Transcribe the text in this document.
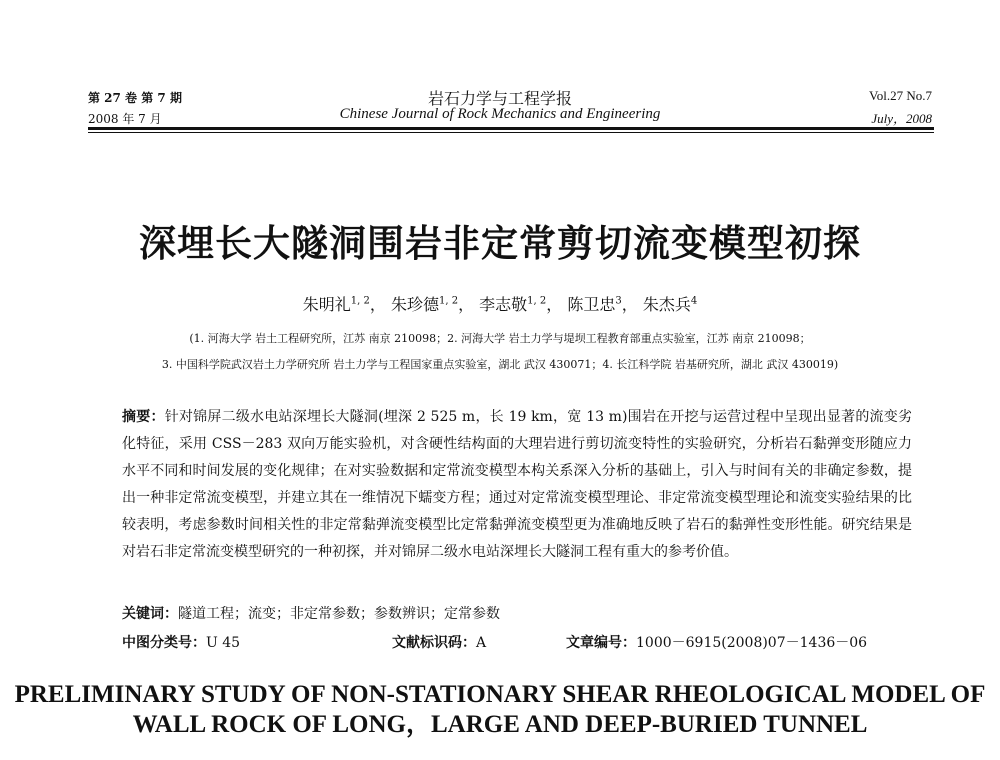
第 27 卷 第 7 期
2008 年 7 月
岩石力学与工程学报
Chinese Journal of Rock Mechanics and Engineering
Vol.27 No.7
July，2008
深埋长大隧洞围岩非定常剪切流变模型初探
朱明礼$^{1, 2}$， 朱珍德$^{1, 2}$， 李志敬$^{1, 2}$， 陈卫忠$^3$， 朱杰兵$^4$
(1. 河海大学 岩土工程研究所，江苏 南京 210098；2. 河海大学 岩土力学与堤坝工程教育部重点实验室，江苏 南京 210098；
3. 中国科学院武汉岩土力学研究所 岩土力学与工程国家重点实验室，湖北 武汉 430071；4. 长江科学院 岩基研究所，湖北 武汉 430019)
摘要：针对锦屏二级水电站深埋长大隧洞(埋深 2 525 m，长 19 km，宽 13 m)围岩在开挖与运营过程中呈现出显著的流变劣化特征，采用 CSS－283 双向万能实验机，对含硬性结构面的大理岩进行剪切流变特性的实验研究，分析岩石黏弹变形随应力水平不同和时间发展的变化规律；在对实验数据和定常流变模型本构关系深入分析的基础上，引入与时间有关的非确定参数，提出一种非定常流变模型，并建立其在一维情况下蠕变方程；通过对定常流变模型理论、非定常流变模型理论和流变实验结果的比较表明，考虑参数时间相关性的非定常黏弹流变模型比定常黏弹流变模型更为准确地反映了岩石的黏弹性变形性能。研究结果是对岩石非定常流变模型研究的一种初探，并对锦屏二级水电站深埋长大隧洞工程有重大的参考价值。
关键词：隧道工程；流变；非定常参数；参数辨识；定常参数
中图分类号：U 45	文献标识码：A	文章编号：1000－6915(2008)07－1436－06
PRELIMINARY STUDY OF NON-STATIONARY SHEAR RHEOLOGICAL MODEL OF WALL ROCK OF LONG，LARGE AND DEEP-BURIED TUNNEL
